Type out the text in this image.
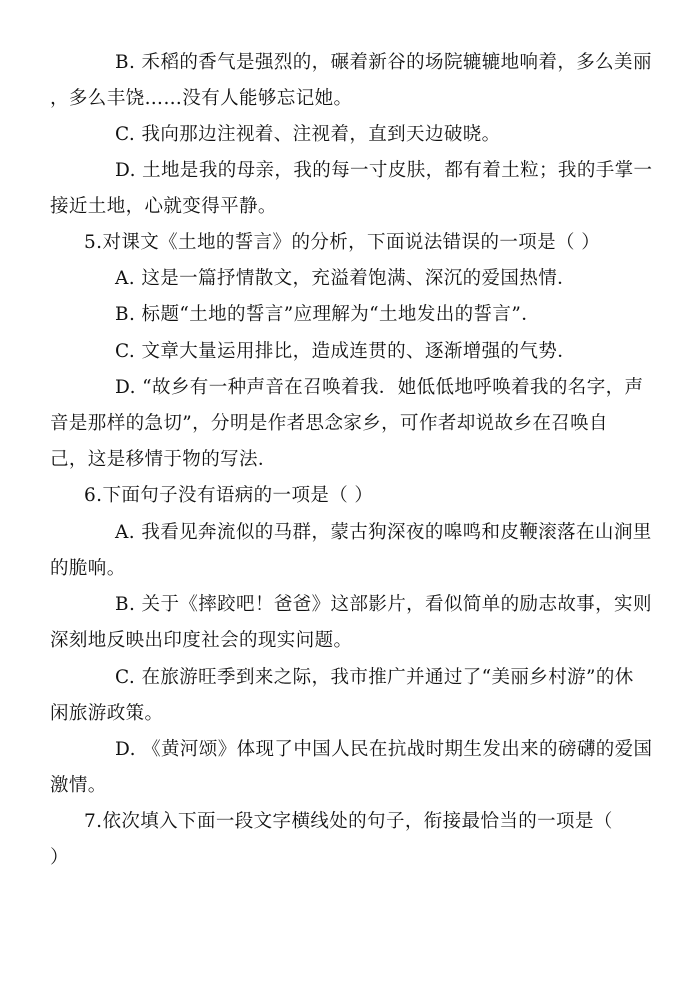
B. 禾稻的香气是强烈的，碾着新谷的场院辘辘地响着，多么美丽
，多么丰饶……没有人能够忘记她。
C. 我向那边注视着、注视着，直到天边破晓。
D. 土地是我的母亲，我的每一寸皮肤，都有着土粒；我的手掌一
接近土地，心就变得平静。
5.对课文《土地的誓言》的分析，下面说法错误的一项是（ ）
A. 这是一篇抒情散文，充溢着饱满、深沉的爱国热情．
B. 标题“土地的誓言”应理解为“土地发出的誓言”．
C. 文章大量运用排比，造成连贯的、逐渐增强的气势．
D. “故乡有一种声音在召唤着我．她低低地呼唤着我的名字，声
音是那样的急切”，分明是作者思念家乡，可作者却说故乡在召唤自
己，这是移情于物的写法．
6.下面句子没有语病的一项是（ ）
A. 我看见奔流似的马群，蒙古狗深夜的嗥鸣和皮鞭滚落在山涧里
的脆响。
B. 关于《摔跤吧！爸爸》这部影片，看似简单的励志故事，实则
深刻地反映出印度社会的现实问题。
C. 在旅游旺季到来之际，我市推广并通过了“美丽乡村游”的休
闲旅游政策。
D. 《黄河颂》体现了中国人民在抗战时期生发出来的磅礴的爱国
激情。
7.依次填入下面一段文字横线处的句子，衔接最恰当的一项是（
）
